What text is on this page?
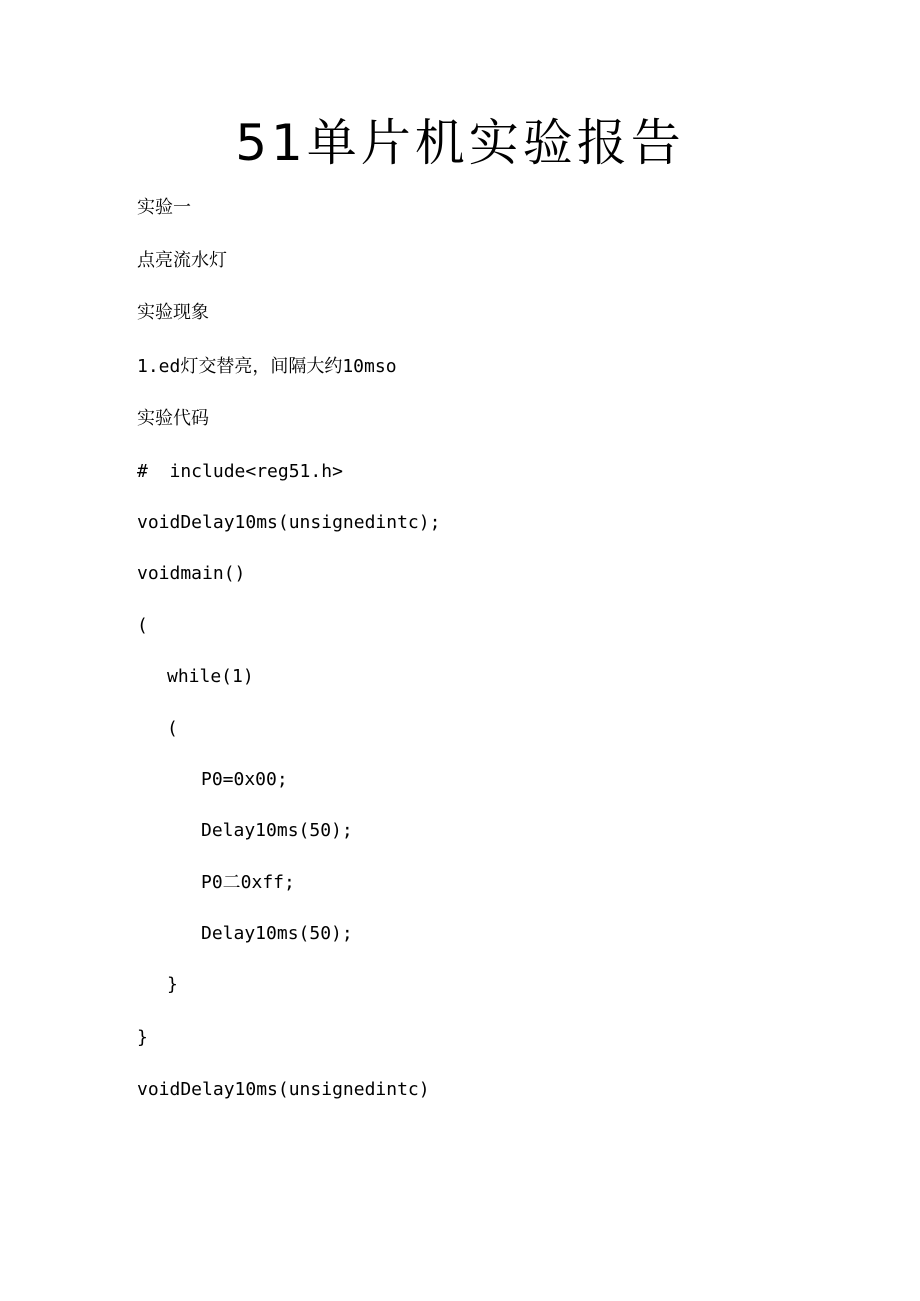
51单片机实验报告
实验一
点亮流水灯
实验现象
1.ed灯交替亮，间隔大约10mso
实验代码
#  include<reg51.h>
voidDelay10ms(unsignedintc);
voidmain()
(
while(1)
(
P0=0x00;
Delay10ms(50);
P0二0xff;
Delay10ms(50);
}
}
voidDelay10ms(unsignedintc)
